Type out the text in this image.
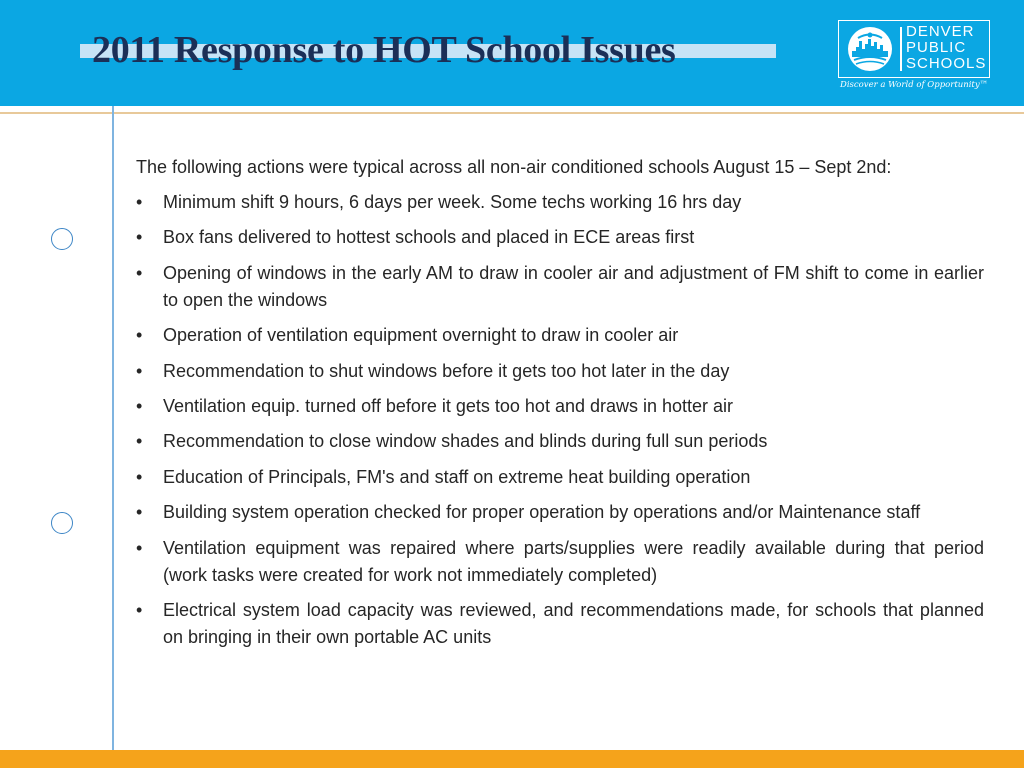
2011 Response to HOT School Issues	DENVER
PUBLIC
SCHOOLS
Discover a World of Opportunity™

The following actions were typical across all non-air conditioned schools August 15 – Sept 2nd:

•	Minimum shift 9 hours, 6 days per week. Some techs working 16 hrs day
•	Box fans delivered to hottest schools and placed in ECE areas first
•	Opening of windows in the early AM to draw in cooler air and adjustment of FM shift to come in earlier to open the windows
•	Operation of ventilation equipment overnight to draw in cooler air
•	Recommendation to shut windows before it gets too hot later in the day
•	Ventilation equip. turned off before it gets too hot and draws in hotter air
•	Recommendation to close window shades and blinds during full sun periods
•	Education of Principals, FM's and staff on extreme heat building operation
•	Building system operation checked for proper operation by operations and/or Maintenance staff
•	Ventilation equipment was repaired where parts/supplies were readily available during that period (work tasks were created for work not immediately completed)
•	Electrical system load capacity was reviewed, and recommendations made, for schools that planned on bringing in their own portable AC units
